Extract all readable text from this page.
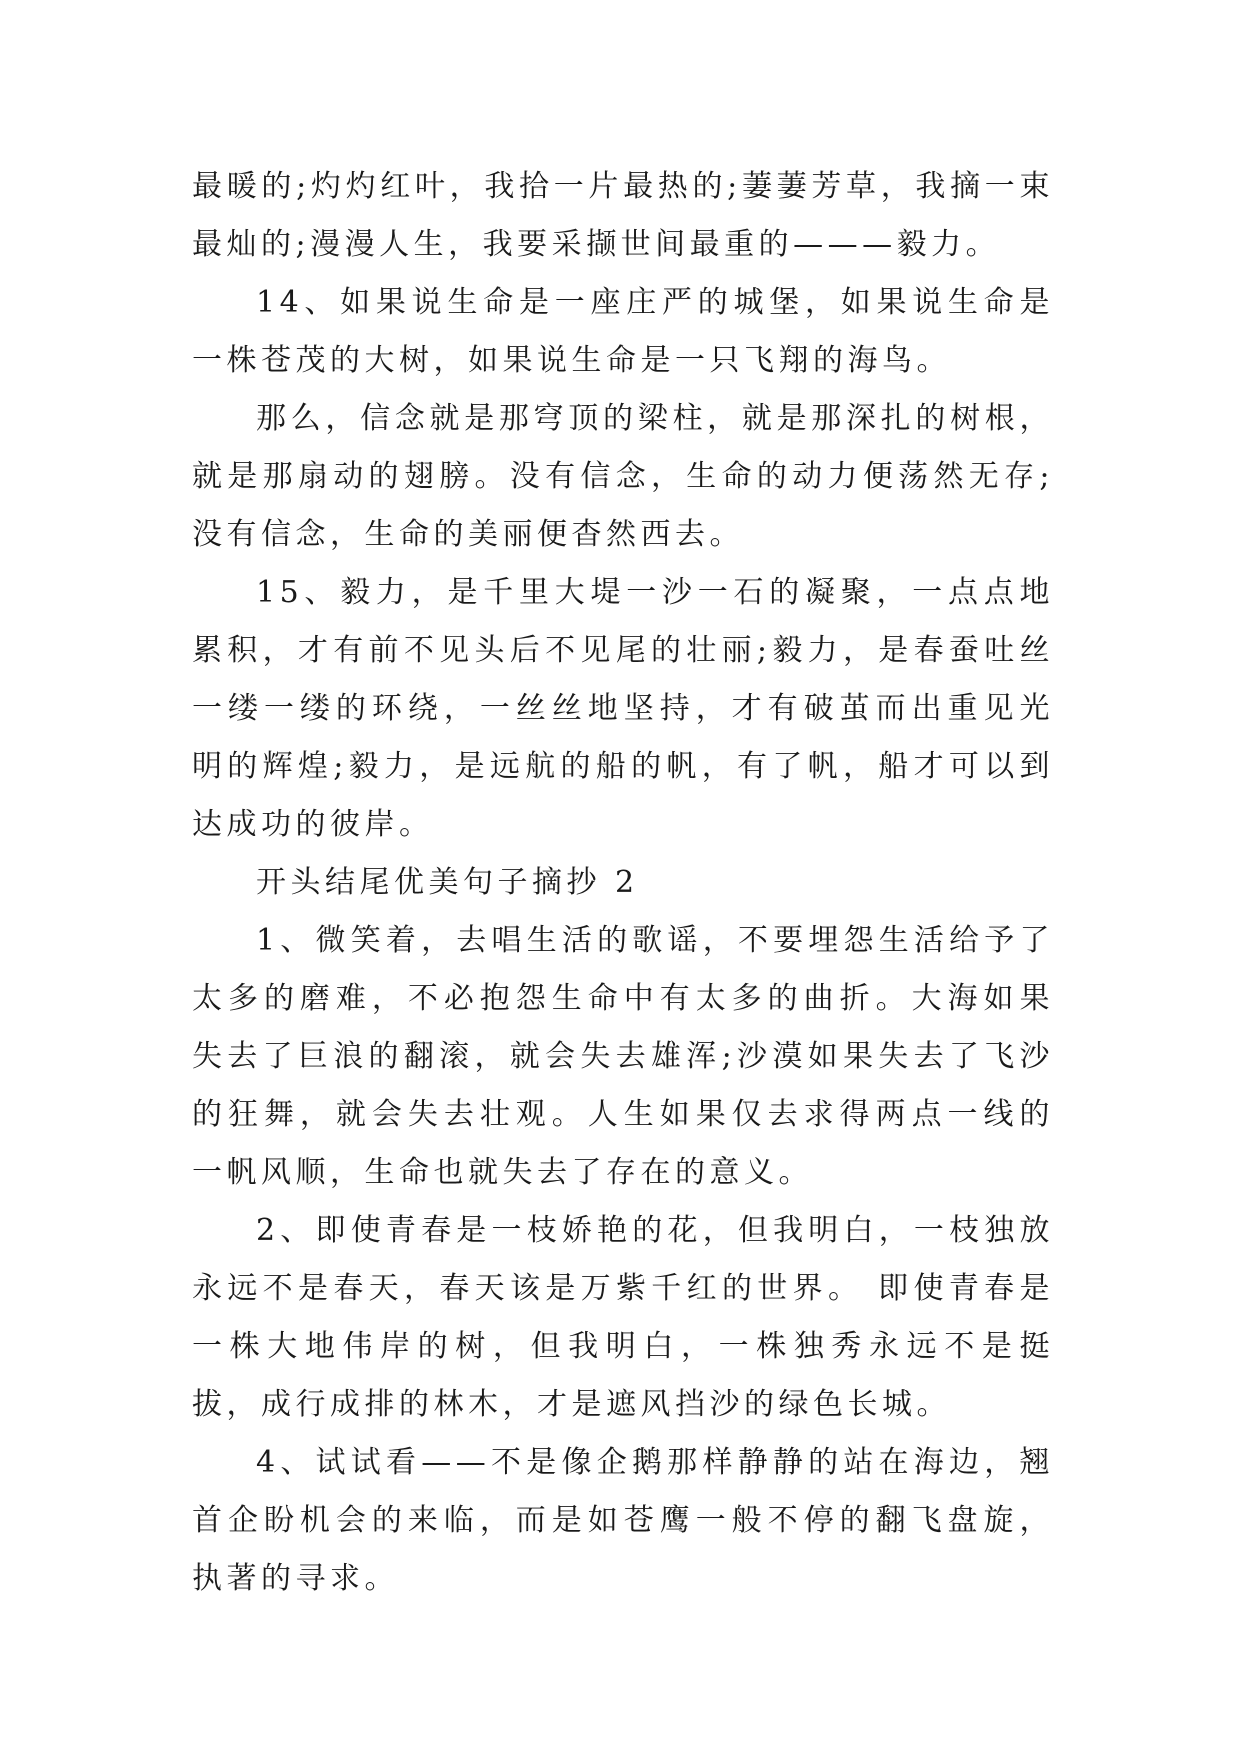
最暖的;灼灼红叶，我拾一片最热的;萋萋芳草，我摘一束最灿的;漫漫人生，我要采撷世间最重的———毅力。

14、如果说生命是一座庄严的城堡，如果说生命是一株苍茂的大树，如果说生命是一只飞翔的海鸟。

那么，信念就是那穹顶的梁柱，就是那深扎的树根，就是那扇动的翅膀。没有信念，生命的动力便荡然无存;没有信念，生命的美丽便杳然西去。

15、毅力，是千里大堤一沙一石的凝聚，一点点地累积，才有前不见头后不见尾的壮丽;毅力，是春蚕吐丝一缕一缕的环绕，一丝丝地坚持，才有破茧而出重见光明的辉煌;毅力，是远航的船的帆，有了帆，船才可以到达成功的彼岸。

开头结尾优美句子摘抄 2

1、微笑着，去唱生活的歌谣，不要埋怨生活给予了太多的磨难，不必抱怨生命中有太多的曲折。大海如果失去了巨浪的翻滚，就会失去雄浑;沙漠如果失去了飞沙的狂舞，就会失去壮观。人生如果仅去求得两点一线的一帆风顺，生命也就失去了存在的意义。

2、即使青春是一枝娇艳的花，但我明白，一枝独放永远不是春天，春天该是万紫千红的世界。 即使青春是一株大地伟岸的树，但我明白，一株独秀永远不是挺拔，成行成排的林木，才是遮风挡沙的绿色长城。

4、试试看——不是像企鹅那样静静的站在海边，翘首企盼机会的来临，而是如苍鹰一般不停的翻飞盘旋，执著的寻求。
